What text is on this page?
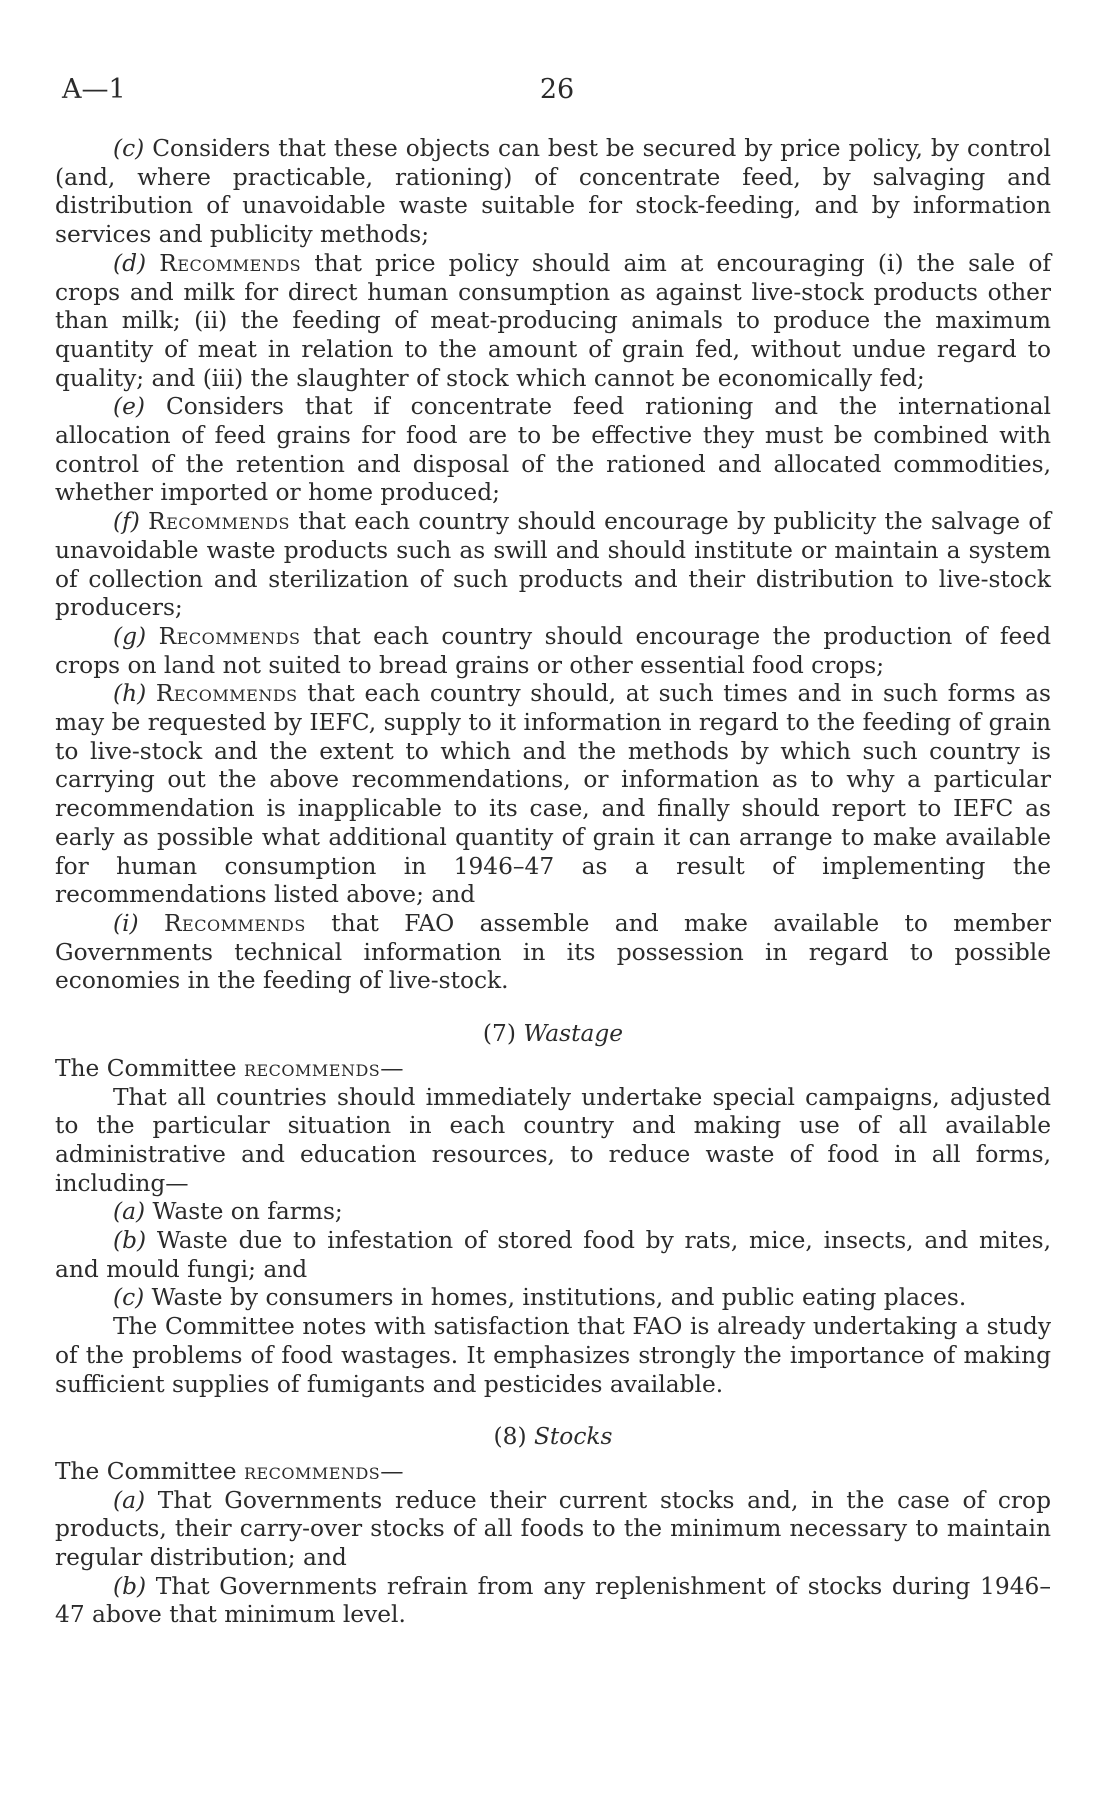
A—1	26

(c) Considers that these objects can best be secured by price policy, by control (and, where practicable, rationing) of concentrate feed, by salvaging and distribution of unavoidable waste suitable for stock-feeding, and by information services and publicity methods;

(d) Recommends that price policy should aim at encouraging (i) the sale of crops and milk for direct human consumption as against live-stock products other than milk; (ii) the feeding of meat-producing animals to produce the maximum quantity of meat in relation to the amount of grain fed, without undue regard to quality; and (iii) the slaughter of stock which cannot be economically fed;

(e) Considers that if concentrate feed rationing and the international allocation of feed grains for food are to be effective they must be combined with control of the retention and disposal of the rationed and allocated commodities, whether imported or home produced;

(f) Recommends that each country should encourage by publicity the salvage of unavoidable waste products such as swill and should institute or maintain a system of collection and sterilization of such products and their distribution to live-stock producers;

(g) Recommends that each country should encourage the production of feed crops on land not suited to bread grains or other essential food crops;

(h) Recommends that each country should, at such times and in such forms as may be requested by IEFC, supply to it information in regard to the feeding of grain to live-stock and the extent to which and the methods by which such country is carrying out the above recommendations, or information as to why a particular recommendation is inapplicable to its case, and finally should report to IEFC as early as possible what additional quantity of grain it can arrange to make available for human consumption in 1946–47 as a result of implementing the recommendations listed above; and

(i) Recommends that FAO assemble and make available to member Governments technical information in its possession in regard to possible economies in the feeding of live-stock.

(7) Wastage

The Committee recommends—

That all countries should immediately undertake special campaigns, adjusted to the particular situation in each country and making use of all available administrative and education resources, to reduce waste of food in all forms, including—

(a) Waste on farms;

(b) Waste due to infestation of stored food by rats, mice, insects, and mites, and mould fungi; and

(c) Waste by consumers in homes, institutions, and public eating places.

The Committee notes with satisfaction that FAO is already undertaking a study of the problems of food wastages. It emphasizes strongly the importance of making sufficient supplies of fumigants and pesticides available.

(8) Stocks

The Committee recommends—

(a) That Governments reduce their current stocks and, in the case of crop products, their carry-over stocks of all foods to the minimum necessary to maintain regular distribution; and

(b) That Governments refrain from any replenishment of stocks during 1946–47 above that minimum level.
